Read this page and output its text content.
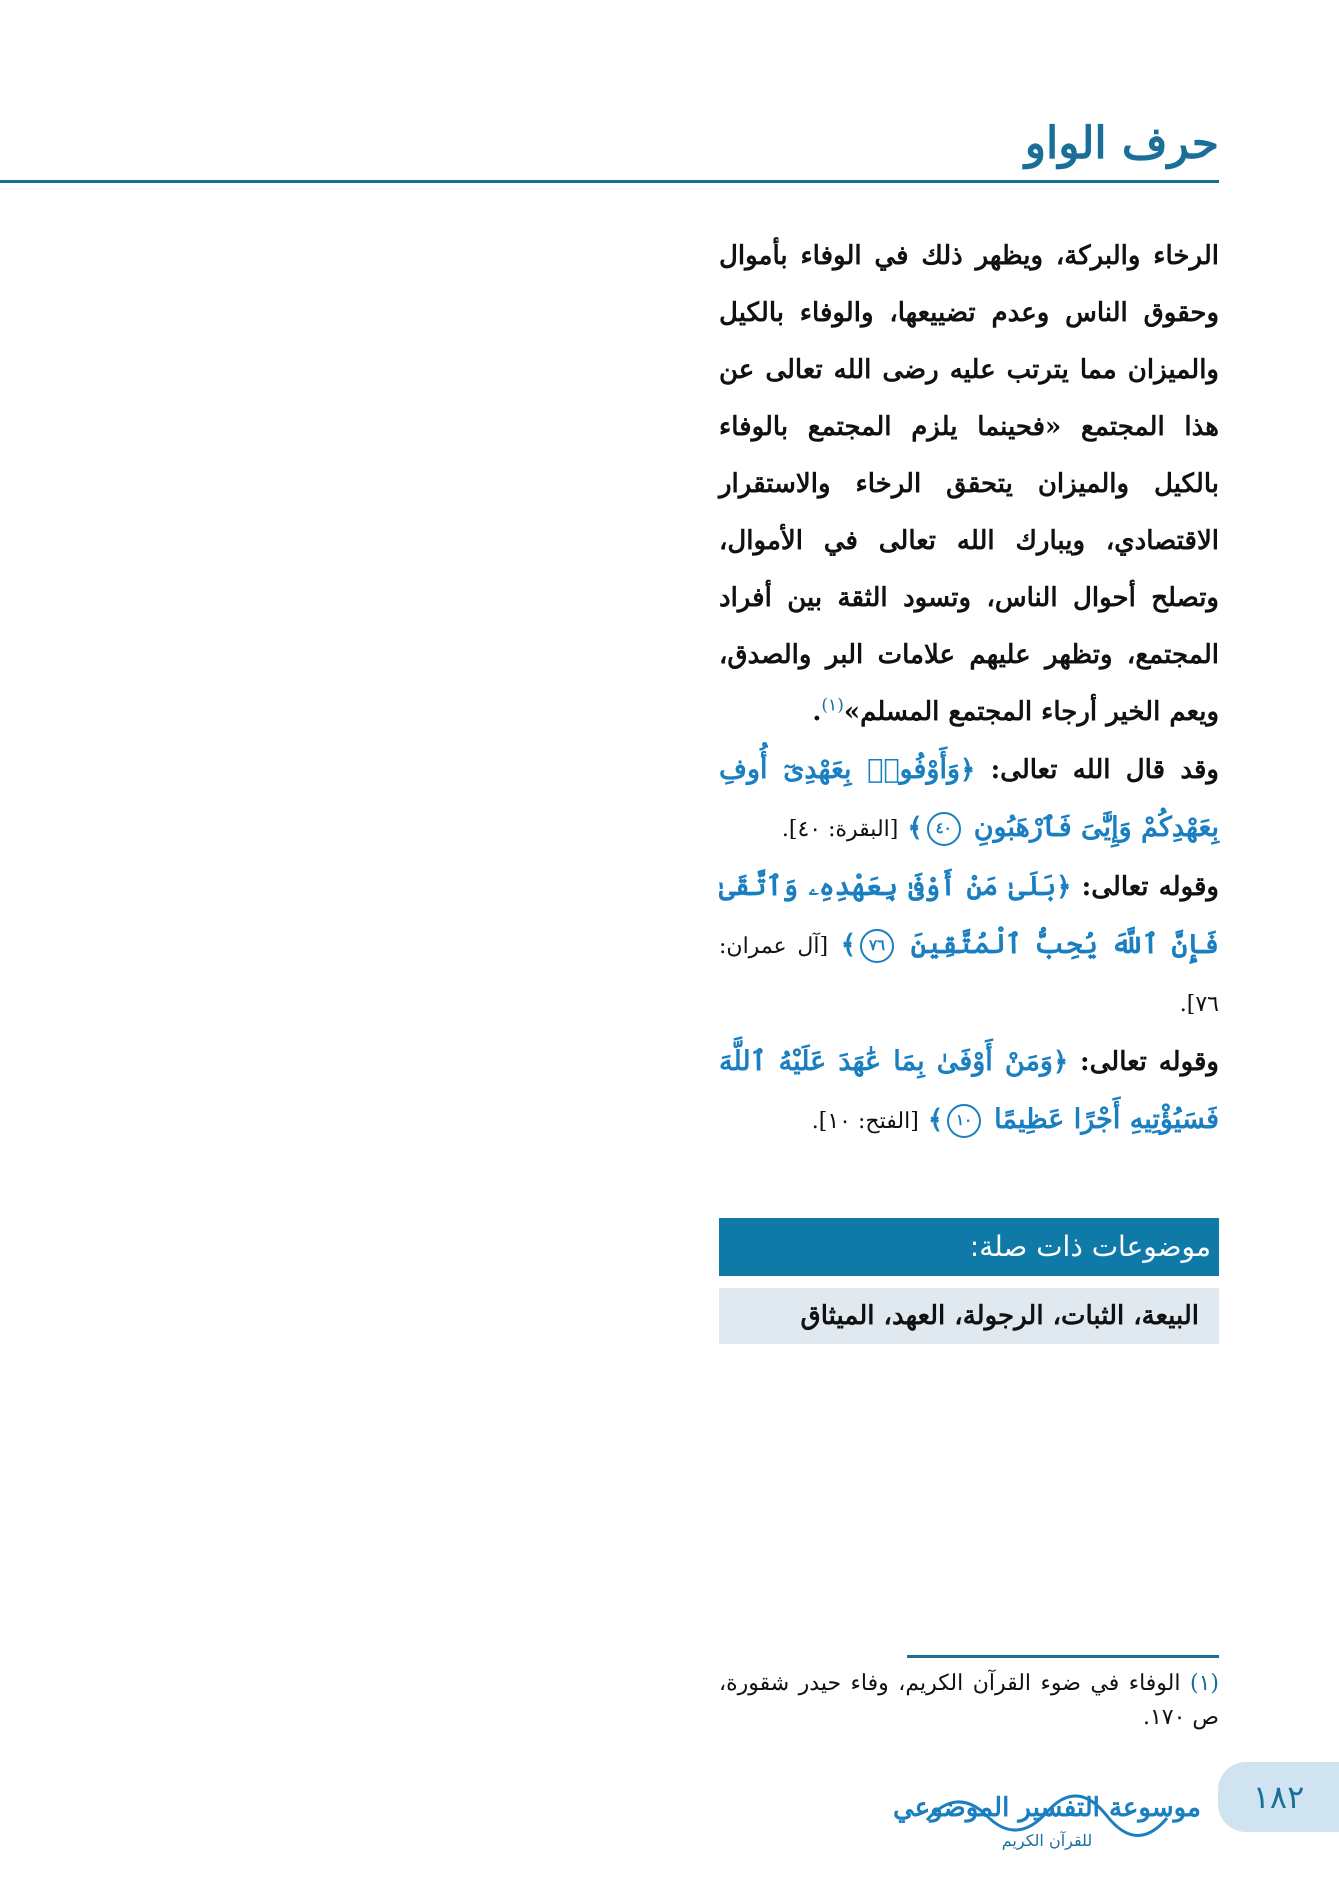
حرف الواو

الرخاء والبركة، ويظهر ذلك في الوفاء بأموال وحقوق الناس وعدم تضييعها، والوفاء بالكيل والميزان مما يترتب عليه رضى الله تعالى عن هذا المجتمع «فحينما يلزم المجتمع بالوفاء بالكيل والميزان يتحقق الرخاء والاستقرار الاقتصادي، ويبارك الله تعالى في الأموال، وتصلح أحوال الناس، وتسود الثقة بين أفراد المجتمع، وتظهر عليهم علامات البر والصدق، ويعم الخير أرجاء المجتمع المسلم»$^{(١)}$.

وقد قال الله تعالى: ﴿وَأَوْفُوا۟ بِعَهْدِىٓ أُوفِ بِعَهْدِكُمْ وَإِيَّٰىَ فَٱرْهَبُونِ ٤٠﴾ [البقرة: ٤٠].

وقوله تعالى: ﴿بَلَىٰ مَنْ أَوْفَىٰ بِعَهْدِهِۦ وَٱتَّقَىٰ فَإِنَّ ٱللَّهَ يُحِبُّ ٱلْمُتَّقِينَ ٧٦﴾ [آل عمران: ٧٦].

وقوله تعالى: ﴿وَمَنْ أَوْفَىٰ بِمَا عَٰهَدَ عَلَيْهُ ٱللَّهَ فَسَيُؤْتِيهِ أَجْرًا عَظِيمًا ١٠﴾ [الفتح: ١٠].

موضوعات ذات صلة:
البيعة، الثبات، الرجولة، العهد، الميثاق
(١) الوفاء في ضوء القرآن الكريم، وفاء حيدر شقورة، ص ١٧٠.
موسوعة التفسير الموضوعي
للقرآن الكريم
١٨٢
